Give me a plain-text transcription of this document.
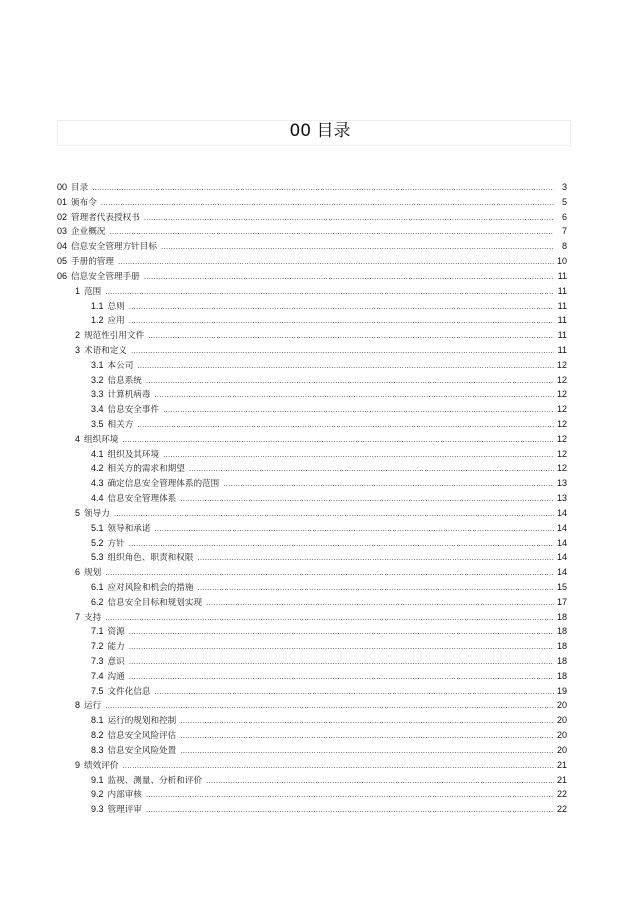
00 目录
00 目录 .....	3
01 颁布令 .....	5
02 管理者代表授权书 .....	6
03 企业概况 .....	7
04 信息安全管理方针目标 .....	8
05 手册的管理 .....	10
06 信息安全管理手册 .....	11
1 范围 .....	11
1.1 总则 .....	11
1.2 应用 .....	11
2 规范性引用文件 .....	11
3 术语和定义 .....	11
3.1 本公司 .....	12
3.2 信息系统 .....	12
3.3 计算机病毒 .....	12
3.4 信息安全事件 .....	12
3.5 相关方 .....	12
4 组织环境 .....	12
4.1 组织及其环境 .....	12
4.2 相关方的需求和期望 .....	12
4.3 确定信息安全管理体系的范围 .....	13
4.4 信息安全管理体系 .....	13
5 领导力 .....	14
5.1 领导和承诺 .....	14
5.2 方针 .....	14
5.3 组织角色、职责和权限 .....	14
6 规划 .....	14
6.1 应对风险和机会的措施 .....	15
6.2 信息安全目标和规划实现 .....	17
7 支持 .....	18
7.1 资源 .....	18
7.2 能力 .....	18
7.3 意识 .....	18
7.4 沟通 .....	18
7.5 文件化信息 .....	19
8 运行 .....	20
8.1 运行的规划和控制 .....	20
8.2 信息安全风险评估 .....	20
8.3 信息安全风险处置 .....	20
9 绩效评价 .....	21
9.1 监视、测量、分析和评价 .....	21
9.2 内部审核 .....	22
9.3 管理评审 .....	22
